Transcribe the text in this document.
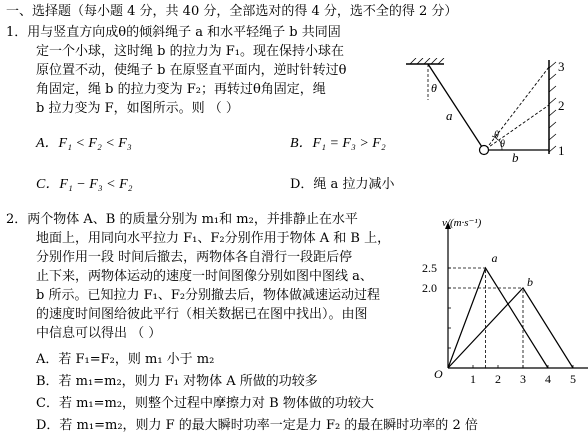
一、选择题（每小题 4 分，共 40 分，全部选对的得 4 分，选不全的得 2 分）
1．用与竖直方向成θ的倾斜绳子 a 和水平轻绳子 b 共同固
定一个小球，这时绳 b 的拉力为 F₁。现在保持小球在
原位置不动，使绳子 b 在原竖直平面内，逆时针转过θ
角固定，绳 b 的拉力变为 F₂；再转过θ角固定，绳
b 拉力变为 F，如图所示。则 （ ）
A．F₁ < F₂ < F₃	B．F₁ = F₃ > F₂
C．F₁ − F₃ < F₂	D．绳 a 拉力减小
θ
a
b
θ
θ
3
2
1
2．两个物体 A、B 的质量分别为 m₁和 m₂，并排静止在水平
地面上，用同向水平拉力 F₁、F₂分别作用于物体 A 和 B 上，
分别作用一段 时间后撤去，两物体各自滑行一段距后停
止下来，两物体运动的速度一时间图像分别如图中图线 a、
b 所示。已知拉力 F₁、F₂分别撤去后，物体做减速运动过程
的速度时间图给彼此平行（相关数据已在图中找出）。由图
中信息可以得出 （ ）
A．若 F₁=F₂，则 m₁ 小于 m₂
B．若 m₁=m₂，则力 F₁ 对物体 A 所做的功较多
C．若 m₁=m₂，则整个过程中摩擦力对 B 物体做的功较大
D．若 m₁=m₂，则力 F 的最大瞬时功率一定是力 F₂ 的最在瞬时功率的 2 倍
2.5
2.0
1 2 3 4 5
a
b
v/(m·s⁻¹)
O
